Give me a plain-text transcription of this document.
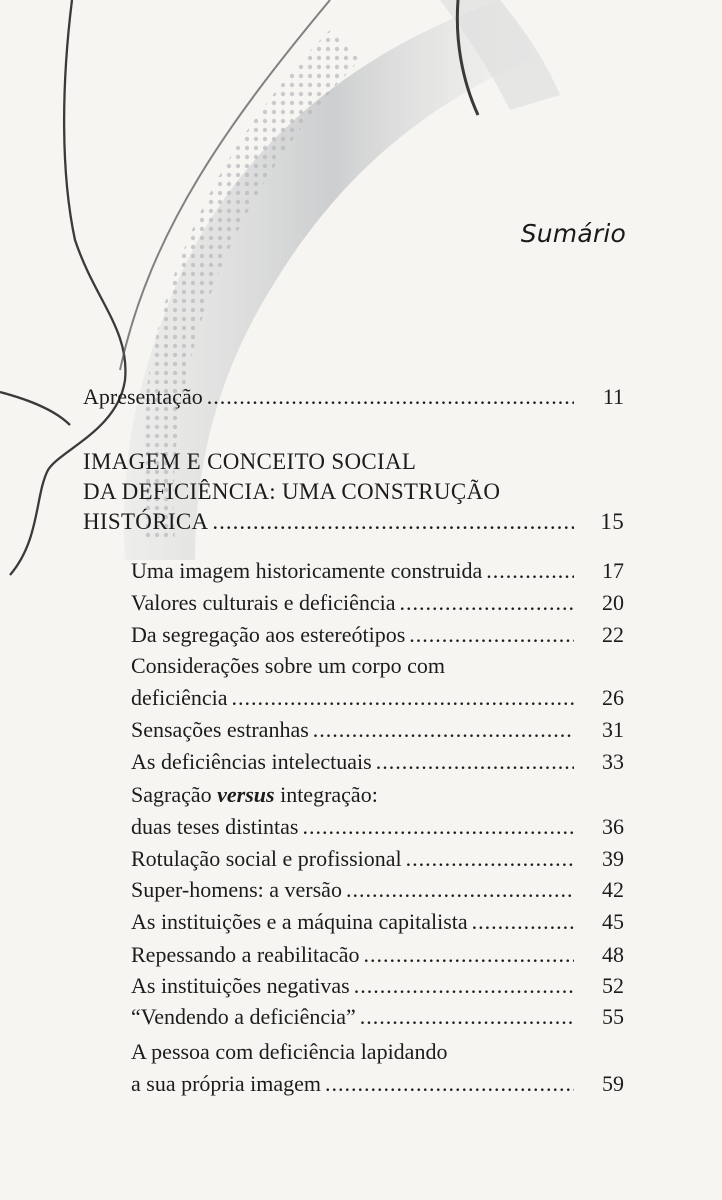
Sumário
Apresentação .....	11
IMAGEM E CONCEITO SOCIAL
DA DEFICIÊNCIA: UMA CONSTRUÇÃO
HISTÓRICA .....	15
Uma imagem historicamente construida .....	17
Valores culturais e deficiência .....	20
Da segregação aos estereótipos .....	22
Considerações sobre um corpo com
deficiência .....	26
Sensações estranhas .....	31
As deficiências intelectuais .....	33
Sagração versus integração:
duas teses distintas .....	36
Rotulação social e profissional .....	39
Super-homens: a versão .....	42
As instituições e a máquina capitalista .....	45
Repessando a reabilitacão .....	48
As instituições negativas .....	52
“Vendendo a deficiência” .....	55
A pessoa com deficiência lapidando
a sua própria imagem .....	59
